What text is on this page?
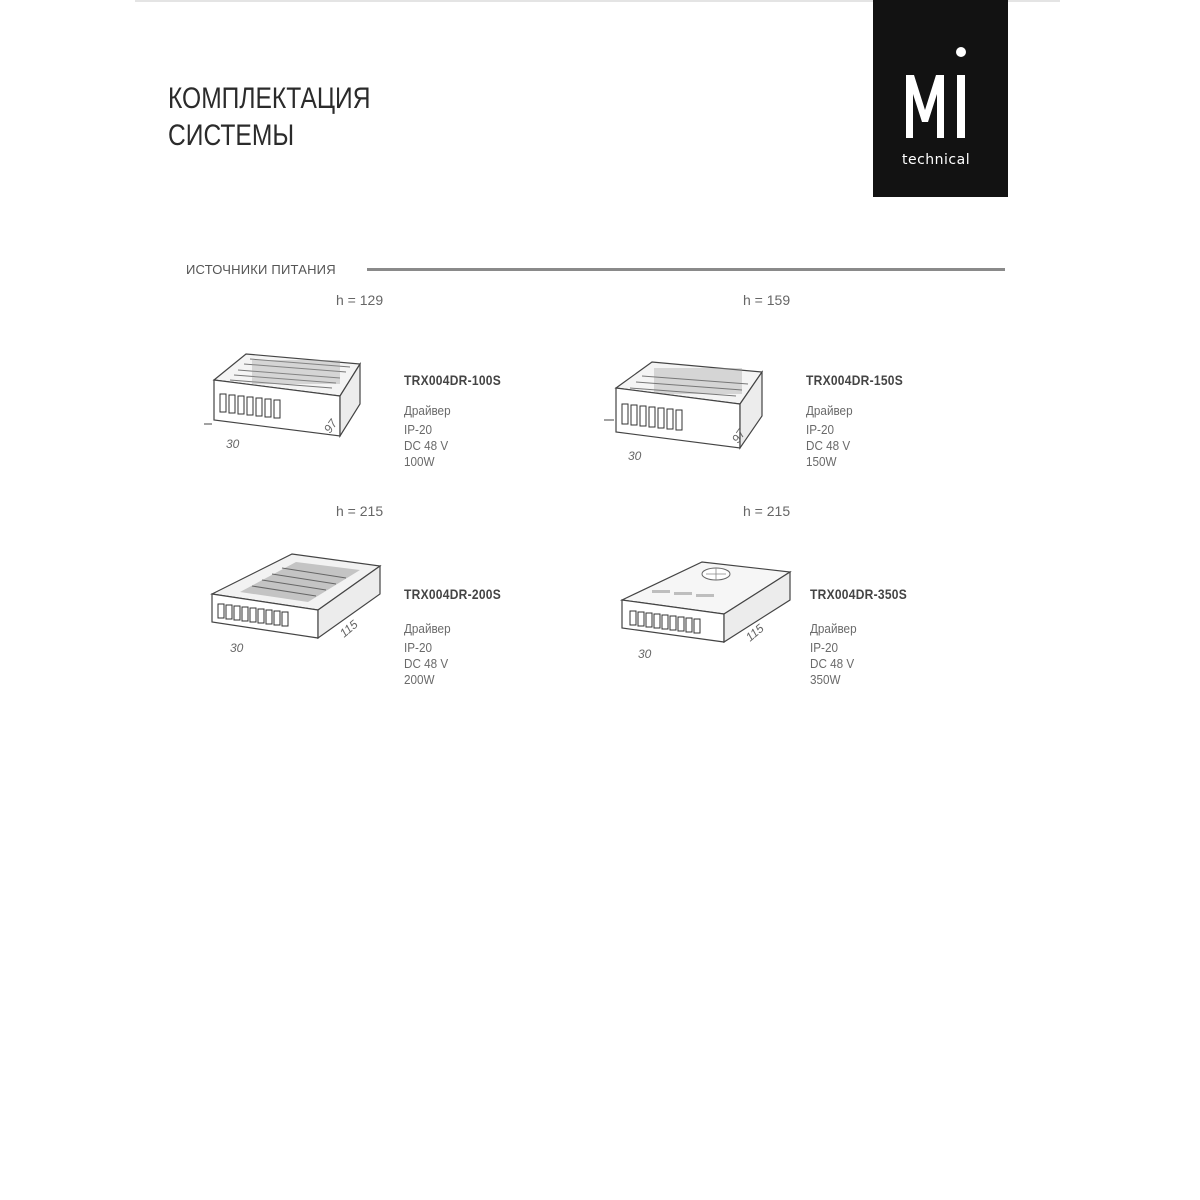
КОМПЛЕКТАЦИЯ
СИСТЕМЫ
technical
ИСТОЧНИКИ ПИТАНИЯ
h = 129
30
97
TRX004DR-100S
Драйвер
IP-20
DC 48 V
100W
h = 159
30
97
TRX004DR-150S
Драйвер
IP-20
DC 48 V
150W
h = 215
30
115
TRX004DR-200S
Драйвер
IP-20
DC 48 V
200W
h = 215
30
115
TRX004DR-350S
Драйвер
IP-20
DC 48 V
350W
